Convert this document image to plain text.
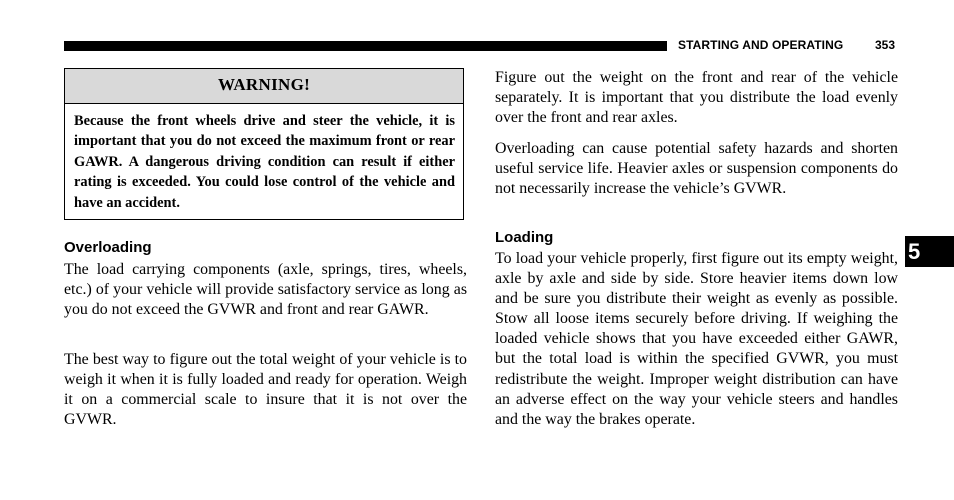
STARTING AND OPERATING	353
WARNING!
Because the front wheels drive and steer the vehicle, it is important that you do not exceed the maximum front or rear GAWR. A dangerous driving condition can result if either rating is exceeded. You could lose control of the vehicle and have an accident.
Overloading

The load carrying components (axle, springs, tires, wheels, etc.) of your vehicle will provide satisfactory service as long as you do not exceed the GVWR and front and rear GAWR.

The best way to figure out the total weight of your vehicle is to weigh it when it is fully loaded and ready for operation. Weigh it on a commercial scale to insure that it is not over the GVWR.

Figure out the weight on the front and rear of the vehicle separately. It is important that you distribute the load evenly over the front and rear axles.

Overloading can cause potential safety hazards and shorten useful service life. Heavier axles or suspension components do not necessarily increase the vehicle’s GVWR.

Loading

To load your vehicle properly, first figure out its empty weight, axle by axle and side by side. Store heavier items down low and be sure you distribute their weight as evenly as possible. Stow all loose items securely before driving. If weighing the loaded vehicle shows that you have exceeded either GAWR, but the total load is within the specified GVWR, you must redistribute the weight. Improper weight distribution can have an adverse effect on the way your vehicle steers and handles and the way the brakes operate.

5
